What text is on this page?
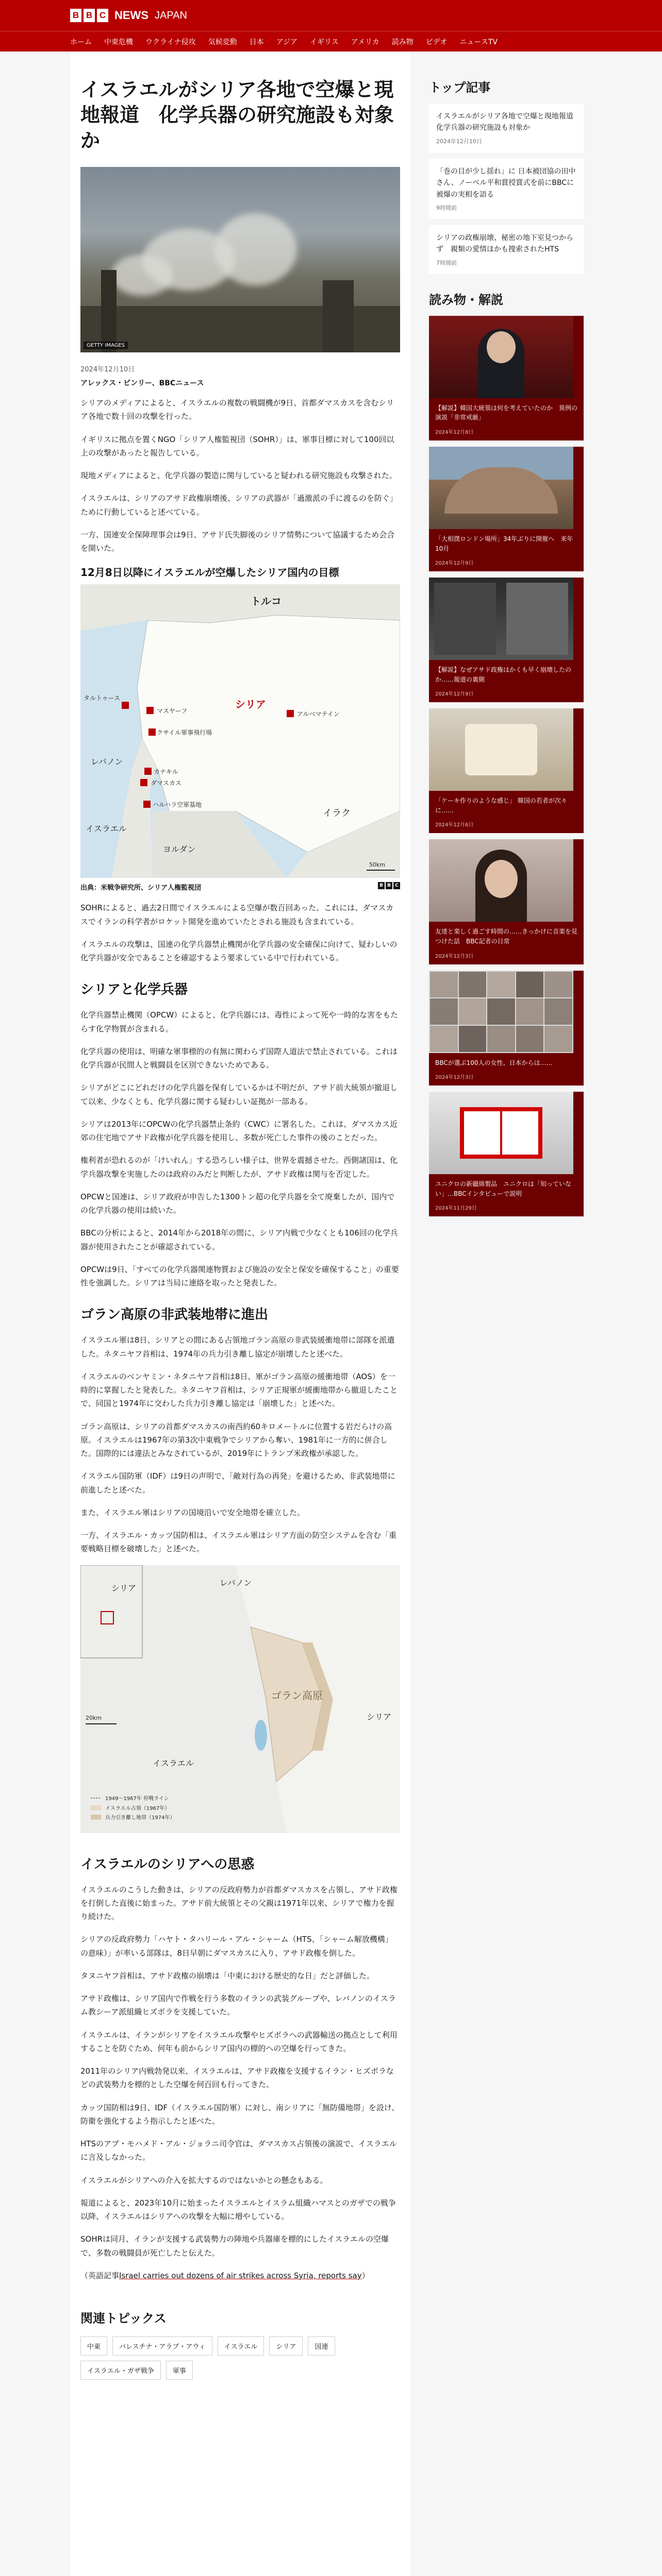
B B C NEWS JAPAN
ホーム 中東危機 ウクライナ侵攻 気候変動 日本 アジア イギリス アメリカ 読み物 ビデオ ニュースTV
イスラエルがシリア各地で空爆と現地報道　化学兵器の研究施設も対象か
GETTY IMAGES
2024年12月10日
アレックス・ビンリー、BBCニュース

シリアのメディアによると、イスラエルの複数の戦闘機が9日、首都ダマスカスを含むシリア各地で数十回の攻撃を行った。

イギリスに拠点を置くNGO「シリア人権監視団（SOHR）」は、軍事目標に対して100回以上の攻撃があったと報告している。

現地メディアによると、化学兵器の製造に関与していると疑われる研究施設も攻撃された。

イスラエルは、シリアのアサド政権崩壊後、シリアの武器が「過激派の手に渡るのを防ぐ」ために行動していると述べている。

一方、国連安全保障理事会は9日、アサド氏失脚後のシリア情勢について協議するため会合を開いた。

12月8日以降にイスラエルが空爆したシリア国内の目標
トルコ
シリア
イラク
レバノン
イスラエル
ヨルダン
タルトゥース
マスヤーフ
クサイル軍事飛行場
アルベマテイン
カナキル
ダマスカス
ハルハラ空軍基地
50km
出典：米戦争研究所、シリア人権監視団	B B C

SOHRによると、過去2日間でイスラエルによる空爆が数百回あった。これには、ダマスカスでイランの科学者がロケット開発を進めていたとされる施設も含まれている。

イスラエルの攻撃は、国連の化学兵器禁止機関が化学兵器の安全確保に向けて、疑わしいの化学兵器が安全であることを確認するよう要求している中で行われている。

シリアと化学兵器

化学兵器禁止機関（OPCW）によると、化学兵器には、毒性によって死や一時的な害をもたらす化学物質が含まれる。

化学兵器の使用は、明確な軍事標的の有無に関わらず国際人道法で禁止されている。これは化学兵器が民間人と戦闘員を区別できないためである。

シリアがどこにどれだけの化学兵器を保有しているかは不明だが、アサド前大統領が撤退して以来、少なくとも、化学兵器に関する疑わしい証拠が一部ある。

シリアは2013年にOPCWの化学兵器禁止条約（CWC）に署名した。これは、ダマスカス近郊の住宅地でアサド政権が化学兵器を使用し、多数が死亡した事件の後のことだった。

権利者が恐れるのが「けいれん」する恐ろしい様子は、世界を震撼させた。西側諸国は、化学兵器攻撃を実施したのは政府のみだと判断したが、アサド政権は関与を否定した。

OPCWと国連は、シリア政府が申告した1300トン超の化学兵器を全て廃棄したが、国内での化学兵器の使用は続いた。

BBCの分析によると、2014年から2018年の間に、シリア内戦で少なくとも106回の化学兵器が使用されたことが確認されている。

OPCWは9日、「すべての化学兵器関連物質および施設の安全と保安を確保すること」の重要性を強調した。シリアは当局に連絡を取ったと発表した。

ゴラン高原の非武装地帯に進出

イスラエル軍は8日、シリアとの間にある占領地ゴラン高原の非武装緩衝地帯に部隊を派遣した。ネタニヤフ首相は、1974年の兵力引き離し協定が崩壊したと述べた。

イスラエルのベンヤミン・ネタニヤフ首相は8日、軍がゴラン高原の緩衝地帯（AOS）を一時的に掌握したと発表した。ネタニヤフ首相は、シリア正規軍が緩衝地帯から撤退したことで、同国と1974年に交わした兵力引き離し協定は「崩壊した」と述べた。

ゴラン高原は、シリアの首都ダマスカスの南西約60キロメートルに位置する岩だらけの高原。イスラエルは1967年の第3次中東戦争でシリアから奪い、1981年に一方的に併合した。国際的には違法とみなされているが、2019年にトランプ米政権が承認した。

イスラエル国防軍（IDF）は9日の声明で、「敵対行為の再発」を避けるため、非武装地帯に前進したと述べた。

また、イスラエル軍はシリアの国境沿いで安全地帯を確立した。

一方、イスラエル・カッツ国防相は、イスラエル軍はシリア方面の防空システムを含む「重要戦略目標を破壊した」と述べた。

シリア
レバノン
ゴラン高原
シリア
イスラエル
20km
1949～1967年 停戦ライン
イスラエル占領（1967年）
兵力引き離し地帯（1974年）
イスラエルのシリアへの思惑

イスラエルのこうした動きは、シリアの反政府勢力が首都ダマスカスを占領し、アサド政権を打倒した直後に始まった。アサド前大統領とその父親は1971年以来、シリアで権力を握り続けた。

シリアの反政府勢力「ハヤト・タハリール・アル・シャーム（HTS、「シャーム解放機構」の意味）」が率いる部隊は、8日早朝にダマスカスに入り、アサド政権を倒した。

タヌニヤフ首相は、アサド政権の崩壊は「中東における歴史的な日」だと評価した。

アサド政権は、シリア国内で作戦を行う多数のイランの武装グループや、レバノンのイスラム教シーア派組織ヒズボラを支援していた。

イスラエルは、イランがシリアをイスラエル攻撃やヒズボラへの武器輸送の拠点として利用することを防ぐため、何年も前からシリア国内の標的への空爆を行ってきた。

2011年のシリア内戦勃発以来、イスラエルは、アサド政権を支援するイラン・ヒズボラなどの武装勢力を標的とした空爆を何百回も行ってきた。

カッツ国防相は9日、IDF（イスラエル国防軍）に対し、南シリアに「無防備地帯」を設け、防衛を強化するよう指示したと述べた。

HTSのアブ・モハメド・アル・ジョラニ司令官は、ダマスカス占領後の演説で、イスラエルに言及しなかった。

イスラエルがシリアへの介入を拡大するのではないかとの懸念もある。

報道によると、2023年10月に始まったイスラエルとイスラム組織ハマスとのガザでの戦争以降、イスラエルはシリアへの攻撃を大幅に増やしている。

SOHRは同月、イランが支援する武装勢力の陣地や兵器庫を標的にしたイスラエルの空爆で、多数の戦闘員が死亡したと伝えた。

（英語記事Israel carries out dozens of air strikes across Syria, reports say）

関連トピックス
中東	パレスチナ・アラブ・アウィ	イスラエル	シリア	国連
イスラエル・ガザ戦争	軍事
トップ記事
イスラエルがシリア各地で空爆と現地報道　化学兵器の研究施設も対象か
2024年12月10日
「巻の目が少し揺れ」に 日本被団協の田中さん、ノーベル平和賞授賞式を前にBBCに被爆の実相を語る
9時間前
シリアの政権崩壊、秘密の地下室見つからず　親類の愛情ほかも捜索されたHTS
7時間前
読み物・解説
【解説】韓国大統領は何を考えていたのか　異例の演説「非常戒厳」
2024年12月8日
「大相撲ロンドン場所」34年ぶりに開催へ　来年10月
2024年12月9日
【解説】なぜアサド政権はかくも早く崩壊したのか……報道の裏側
2024年12月9日
「ケーキ作りのような感じ」 韓国の若者が次々に……
2024年12月6日
友達と楽しく過ごす時間の……きっかけに音楽を見つけた話　BBC記者の日常
2024年12月3日
BBCが選ぶ100人の女性、日本からは……
2024年12月3日
ユニクロの新疆綿製品　ユニクロは「知っていない」…BBCインタビューで説明
2024年11月29日
